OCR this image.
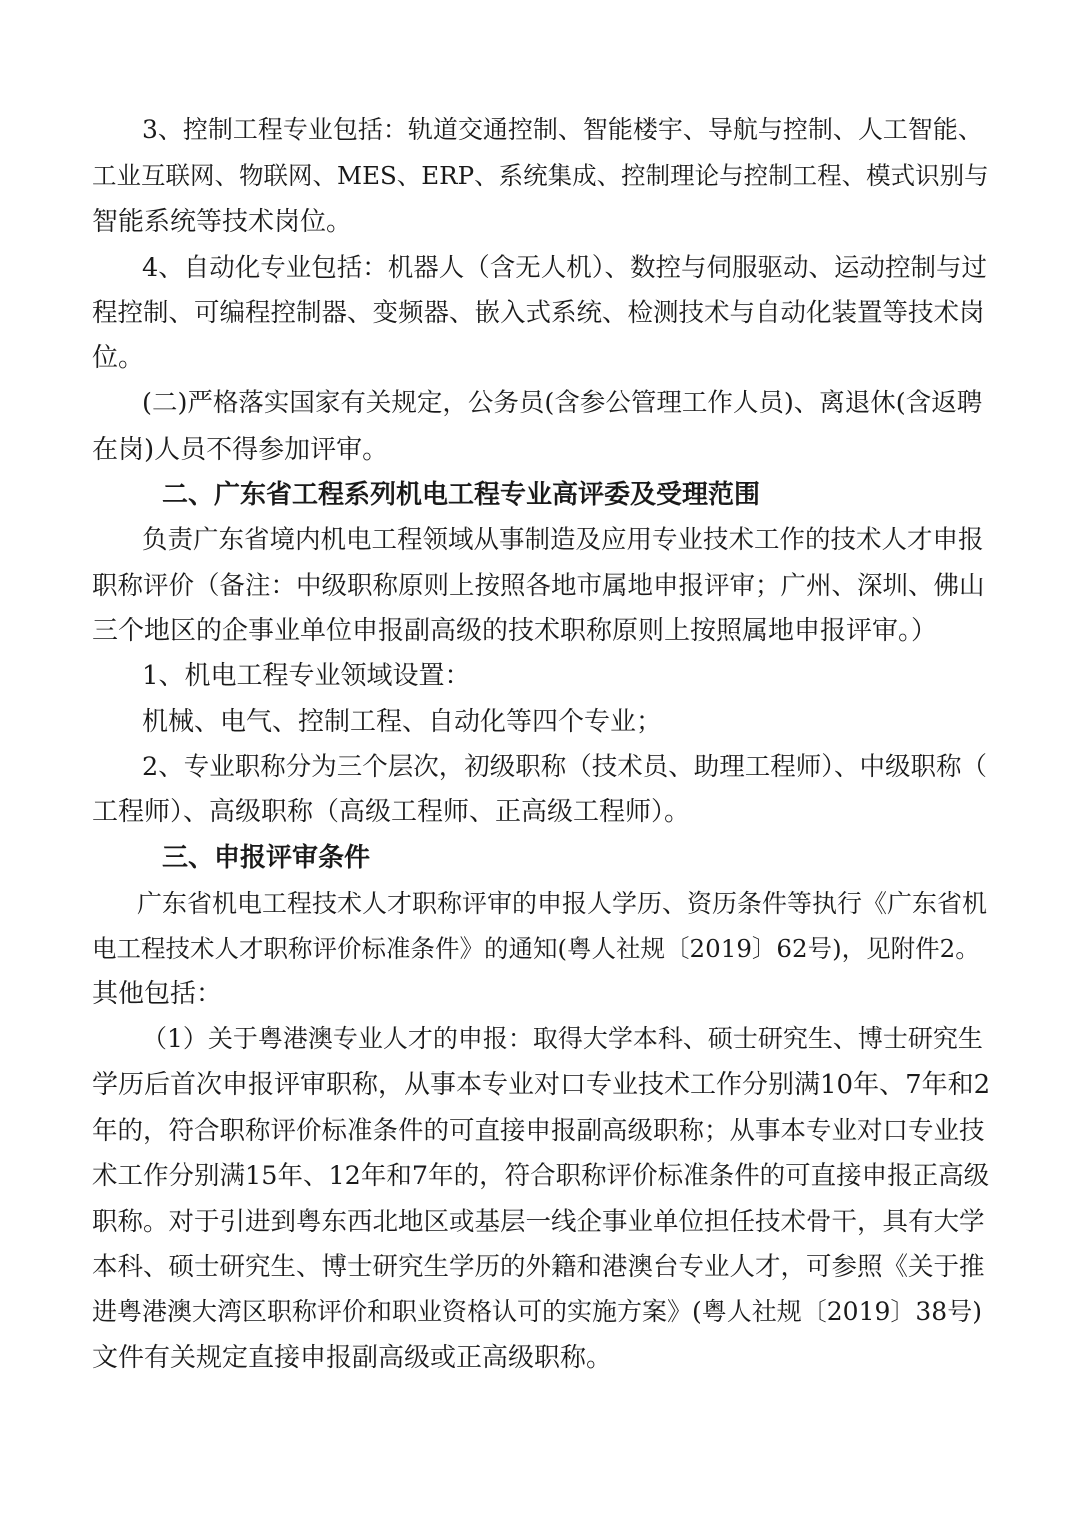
3、控制工程专业包括：轨道交通控制、智能楼宇、导航与控制、人工智能、
工业互联网、物联网、MES、ERP、系统集成、控制理论与控制工程、模式识别与
智能系统等技术岗位。
4、自动化专业包括：机器人（含无人机）、数控与伺服驱动、运动控制与过
程控制、可编程控制器、变频器、嵌入式系统、检测技术与自动化装置等技术岗
位。
(二)严格落实国家有关规定，公务员(含参公管理工作人员)、离退休(含返聘
在岗)人员不得参加评审。
二、广东省工程系列机电工程专业高评委及受理范围
负责广东省境内机电工程领域从事制造及应用专业技术工作的技术人才申报
职称评价（备注：中级职称原则上按照各地市属地申报评审；广州、深圳、佛山
三个地区的企事业单位申报副高级的技术职称原则上按照属地申报评审。）
1、机电工程专业领域设置：
机械、电气、控制工程、自动化等四个专业；
2、专业职称分为三个层次，初级职称（技术员、助理工程师）、中级职称（
工程师）、高级职称（高级工程师、正高级工程师）。
三、申报评审条件
广东省机电工程技术人才职称评审的申报人学历、资历条件等执行《广东省机
电工程技术人才职称评价标准条件》的通知(粤人社规〔2019〕62号)，见附件2。
其他包括：
（1）关于粤港澳专业人才的申报：取得大学本科、硕士研究生、博士研究生
学历后首次申报评审职称，从事本专业对口专业技术工作分别满10年、7年和2
年的，符合职称评价标准条件的可直接申报副高级职称；从事本专业对口专业技
术工作分别满15年、12年和7年的，符合职称评价标准条件的可直接申报正高级
职称。对于引进到粤东西北地区或基层一线企事业单位担任技术骨干，具有大学
本科、硕士研究生、博士研究生学历的外籍和港澳台专业人才，可参照《关于推
进粤港澳大湾区职称评价和职业资格认可的实施方案》(粤人社规〔2019〕38号)
文件有关规定直接申报副高级或正高级职称。
